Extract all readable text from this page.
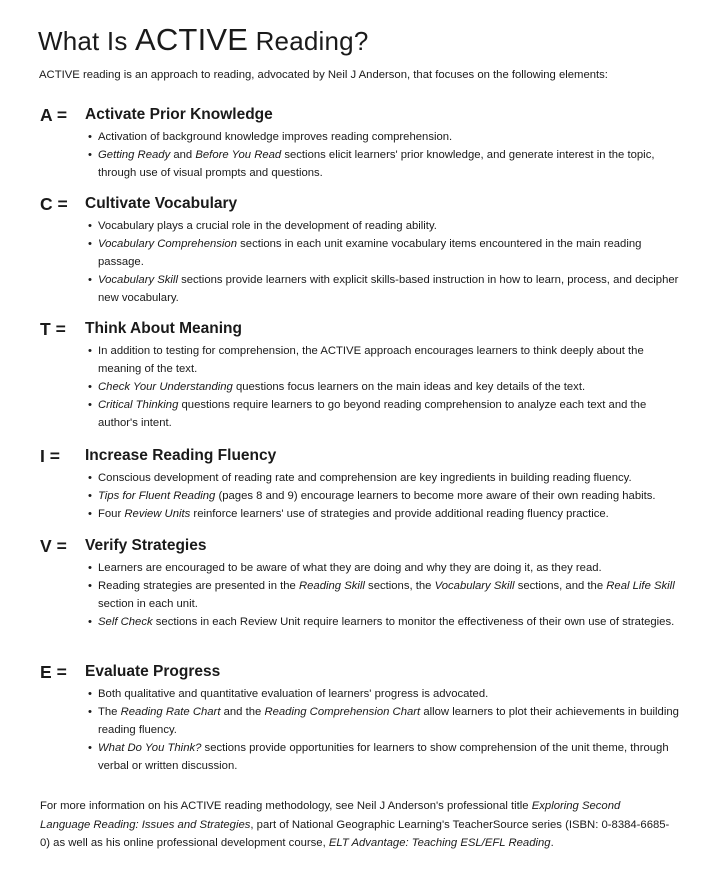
What Is ACTIVE Reading?

ACTIVE reading is an approach to reading, advocated by Neil J Anderson, that focuses on the following elements:

A =	Activate Prior Knowledge
• Activation of background knowledge improves reading comprehension.
• Getting Ready and Before You Read sections elicit learners' prior knowledge, and generate interest in the topic, through use of visual prompts and questions.
C =	Cultivate Vocabulary
• Vocabulary plays a crucial role in the development of reading ability.
• Vocabulary Comprehension sections in each unit examine vocabulary items encountered in the main reading passage.
• Vocabulary Skill sections provide learners with explicit skills-based instruction in how to learn, process, and decipher new vocabulary.
T =	Think About Meaning
• In addition to testing for comprehension, the ACTIVE approach encourages learners to think deeply about the meaning of the text.
• Check Your Understanding questions focus learners on the main ideas and key details of the text.
• Critical Thinking questions require learners to go beyond reading comprehension to analyze each text and the author's intent.
I =	Increase Reading Fluency
• Conscious development of reading rate and comprehension are key ingredients in building reading fluency.
• Tips for Fluent Reading (pages 8 and 9) encourage learners to become more aware of their own reading habits.
• Four Review Units reinforce learners' use of strategies and provide additional reading fluency practice.
V =	Verify Strategies
• Learners are encouraged to be aware of what they are doing and why they are doing it, as they read.
• Reading strategies are presented in the Reading Skill sections, the Vocabulary Skill sections, and the Real Life Skill section in each unit.
• Self Check sections in each Review Unit require learners to monitor the effectiveness of their own use of strategies.
E =	Evaluate Progress
• Both qualitative and quantitative evaluation of learners' progress is advocated.
• The Reading Rate Chart and the Reading Comprehension Chart allow learners to plot their achievements in building reading fluency.
• What Do You Think? sections provide opportunities for learners to show comprehension of the unit theme, through verbal or written discussion.

For more information on his ACTIVE reading methodology, see Neil J Anderson's professional title Exploring Second Language Reading: Issues and Strategies, part of National Geographic Learning's TeacherSource series (ISBN: 0-8384-6685-0) as well as his online professional development course, ELT Advantage: Teaching ESL/EFL Reading.
